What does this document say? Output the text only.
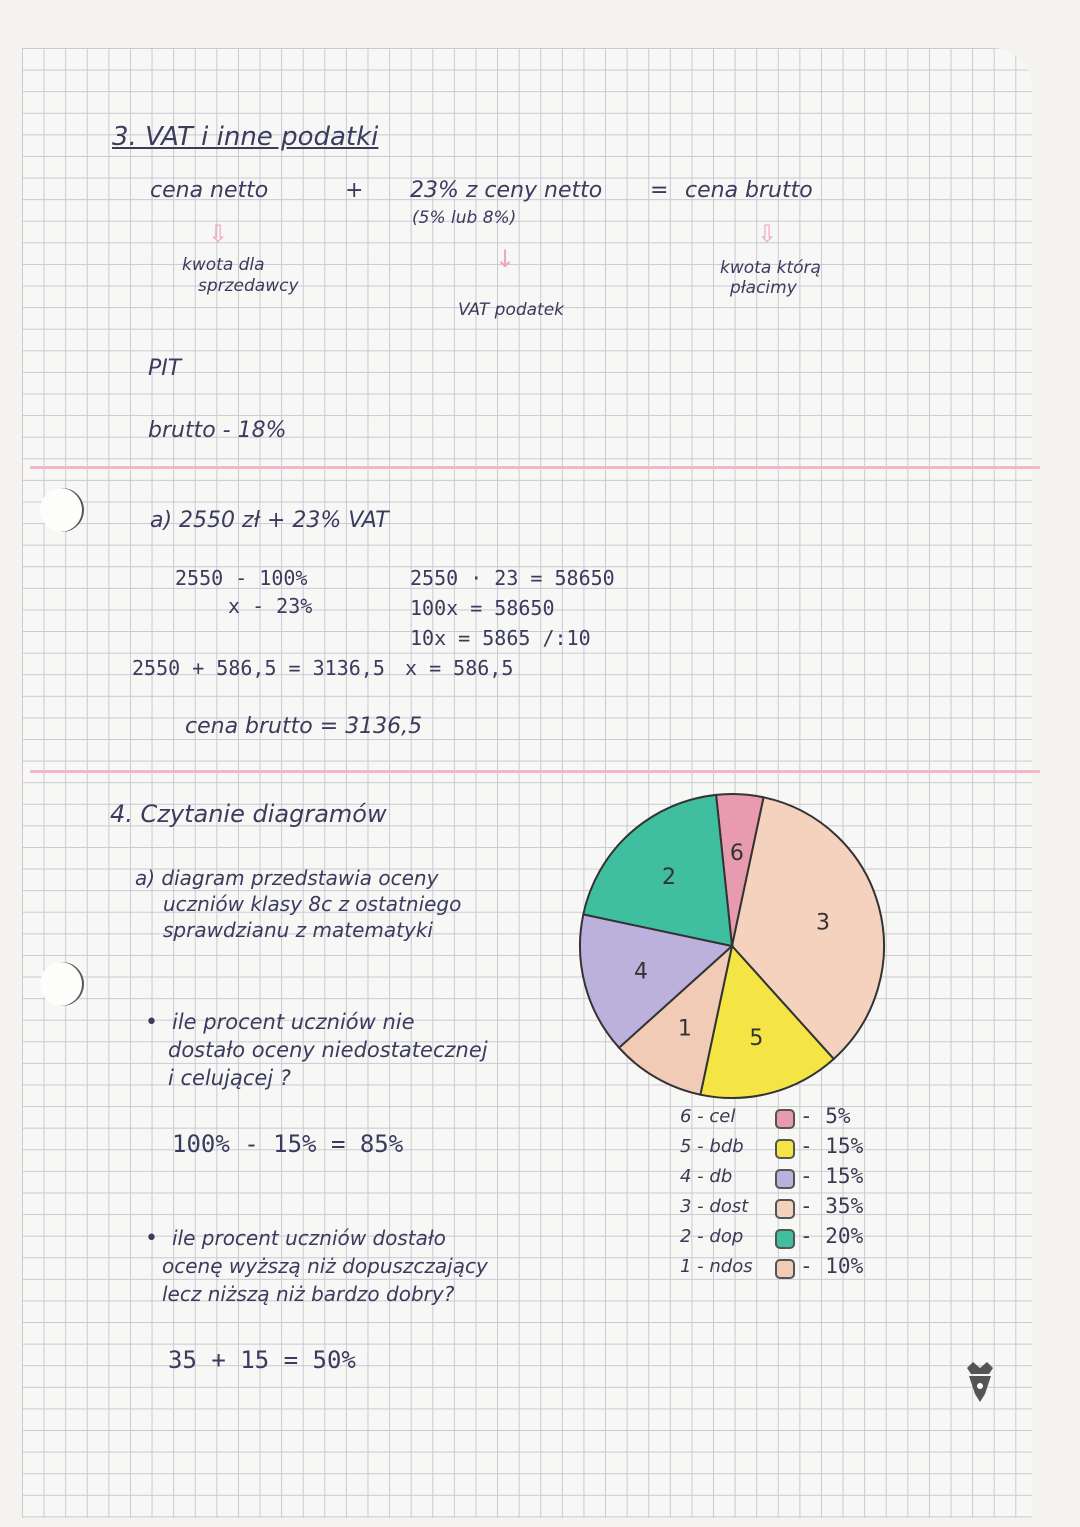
3. VAT i inne podatki
cena netto	+ 23% z ceny netto
(5% lub 8%)
= cena brutto
⇩
↓
⇩
kwota dla
sprzedawcy
VAT podatek
kwota którą
płacimy
PIT
brutto - 18%
a) 2550 zł + 23% VAT
2550 - 100%
x - 23%
2550 · 23 = 58650
100x = 58650
10x = 5865 /:10
2550 + 586,5 = 3136,5 x = 586,5
cena brutto = 3136,5
4. Czytanie diagramów
a) diagram przedstawia oceny
uczniów klasy 8c z ostatniego
sprawdzianu z matematyki
• ile procent uczniów nie
dostało oceny niedostatecznej
i celującej ?
100% - 15% = 85%
• ile procent uczniów dostało
ocenę wyższą niż dopuszczający
lecz niższą niż bardzo dobry?
35 + 15 = 50%
6
3
5
1
4
2
6 - cel	- 5%
5 - bdb	- 15%
4 - db	- 15%
3 - dost - 35%
2 - dop	- 20%
1 - ndos - 10%
